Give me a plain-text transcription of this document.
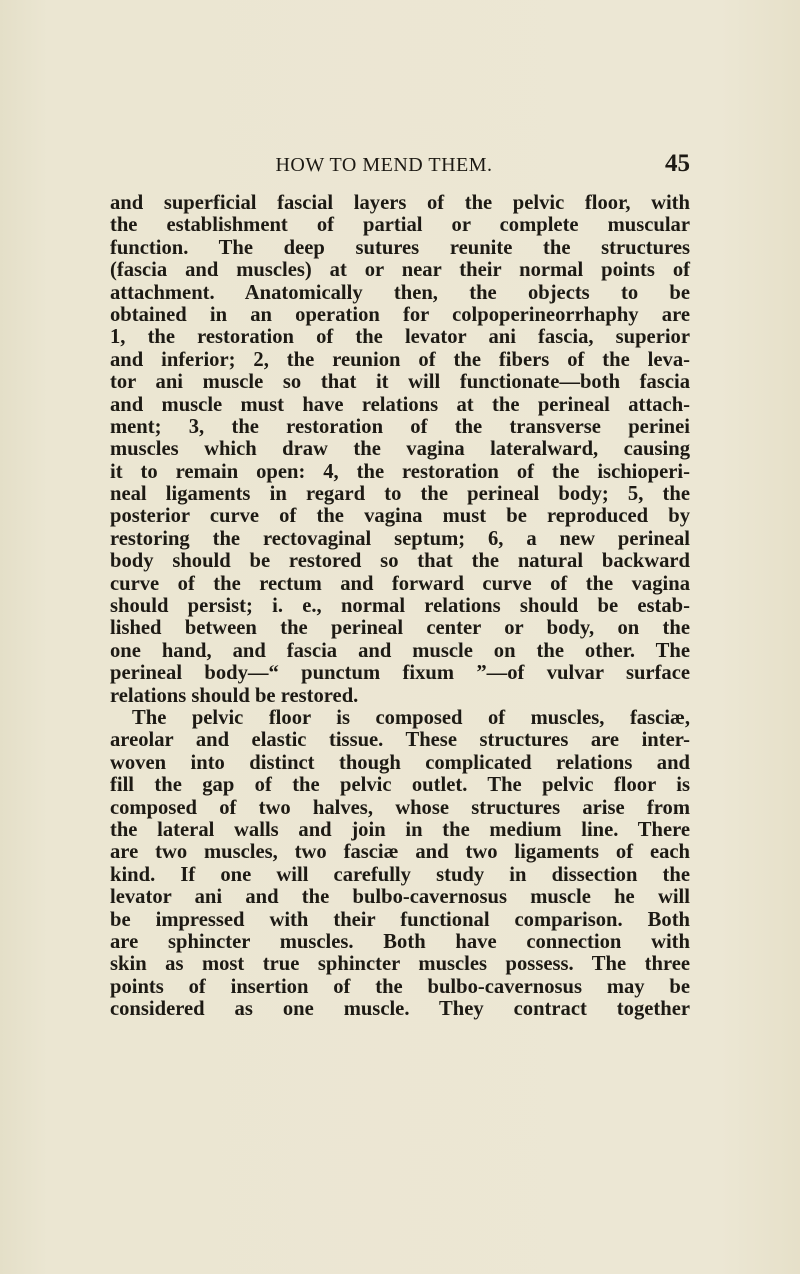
HOW TO MEND THEM.	45
and superficial fascial layers of the pelvic floor, with
the establishment of partial or complete muscular
function. The deep sutures reunite the structures
(fascia and muscles) at or near their normal points of
attachment. Anatomically then, the objects to be
obtained in an operation for colpoperineorrhaphy are
1, the restoration of the levator ani fascia, superior
and inferior; 2, the reunion of the fibers of the leva-
tor ani muscle so that it will functionate—both fascia
and muscle must have relations at the perineal attach-
ment; 3, the restoration of the transverse perinei
muscles which draw the vagina lateralward, causing
it to remain open: 4, the restoration of the ischioperi-
neal ligaments in regard to the perineal body; 5, the
posterior curve of the vagina must be reproduced by
restoring the rectovaginal septum; 6, a new perineal
body should be restored so that the natural backward
curve of the rectum and forward curve of the vagina
should persist; i. e., normal relations should be estab-
lished between the perineal center or body, on the
one hand, and fascia and muscle on the other. The
perineal body—“ punctum fixum ”—of vulvar surface
relations should be restored.
The pelvic floor is composed of muscles, fasciæ,
areolar and elastic tissue. These structures are inter-
woven into distinct though complicated relations and
fill the gap of the pelvic outlet. The pelvic floor is
composed of two halves, whose structures arise from
the lateral walls and join in the medium line. There
are two muscles, two fasciæ and two ligaments of each
kind. If one will carefully study in dissection the
levator ani and the bulbo-cavernosus muscle he will
be impressed with their functional comparison. Both
are sphincter muscles. Both have connection with
skin as most true sphincter muscles possess. The three
points of insertion of the bulbo-cavernosus may be
considered as one muscle. They contract together
